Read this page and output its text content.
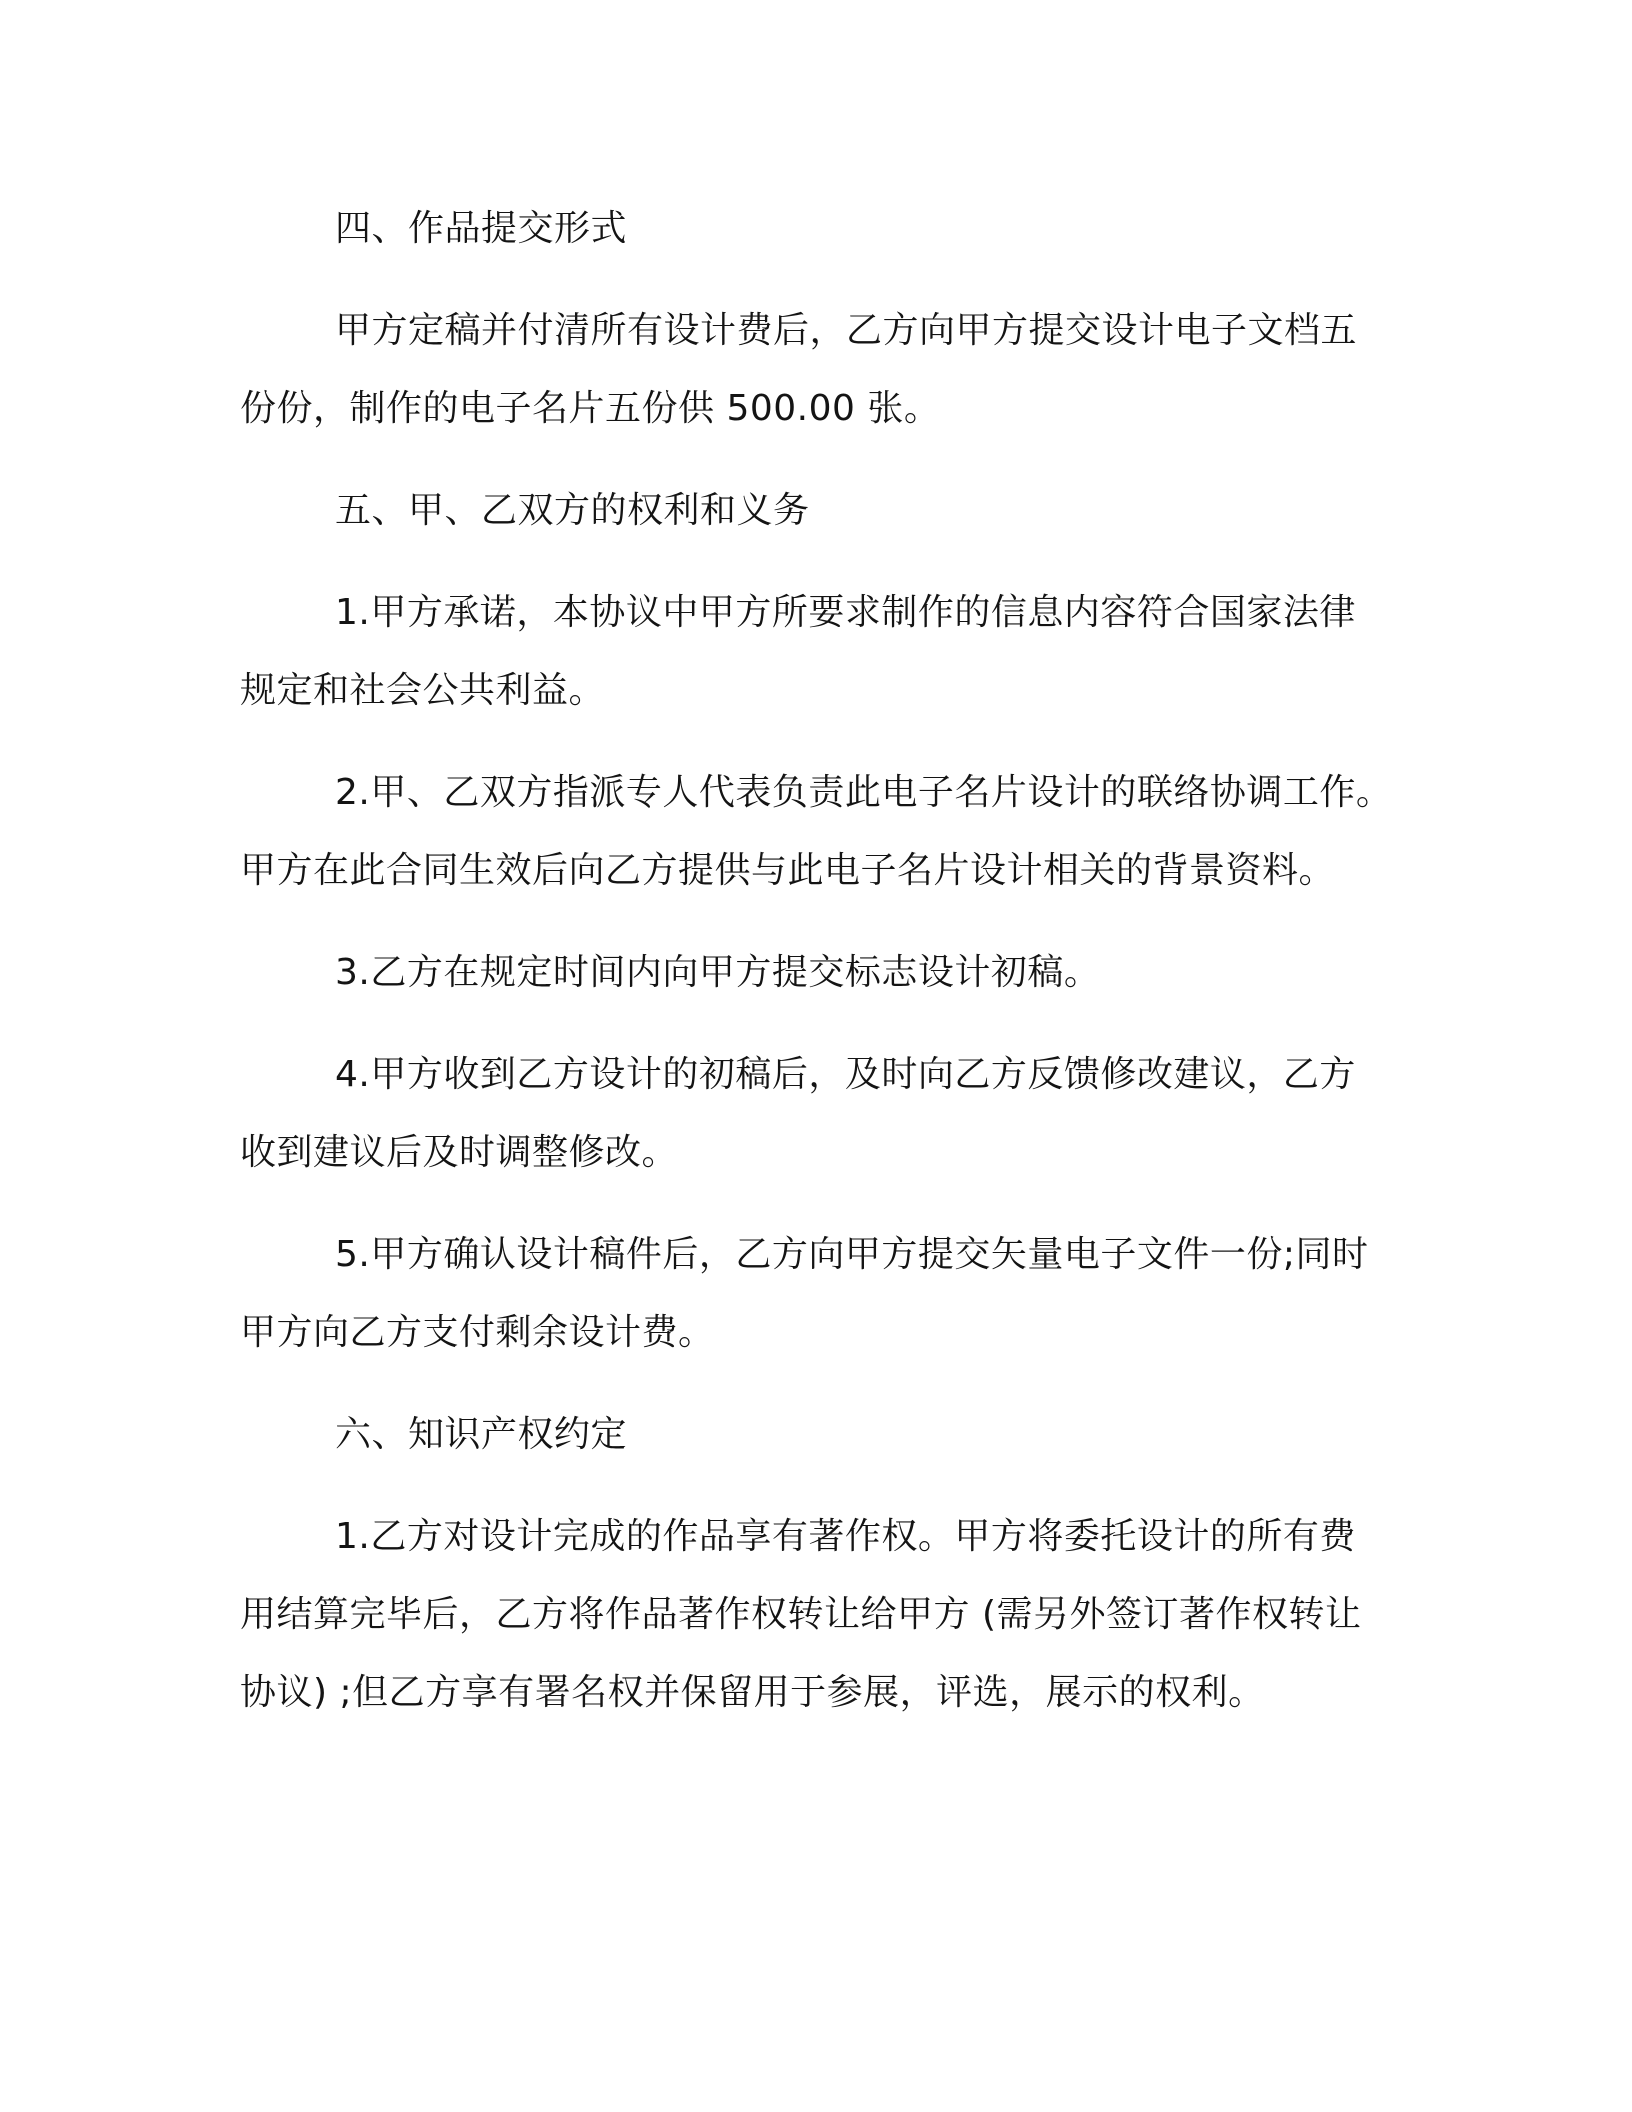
四、作品提交形式
甲方定稿并付清所有设计费后，乙方向甲方提交设计电子文档五
份份，制作的电子名片五份供 500.00 张。
五、甲、乙双方的权利和义务
1.甲方承诺，本协议中甲方所要求制作的信息内容符合国家法律
规定和社会公共利益。
2.甲、乙双方指派专人代表负责此电子名片设计的联络协调工作。
甲方在此合同生效后向乙方提供与此电子名片设计相关的背景资料。
3.乙方在规定时间内向甲方提交标志设计初稿。
4.甲方收到乙方设计的初稿后，及时向乙方反馈修改建议，乙方
收到建议后及时调整修改。
5.甲方确认设计稿件后，乙方向甲方提交矢量电子文件一份;同时
甲方向乙方支付剩余设计费。
六、知识产权约定
1.乙方对设计完成的作品享有著作权。甲方将委托设计的所有费
用结算完毕后，乙方将作品著作权转让给甲方 (需另外签订著作权转让
协议) ;但乙方享有署名权并保留用于参展，评选，展示的权利。
